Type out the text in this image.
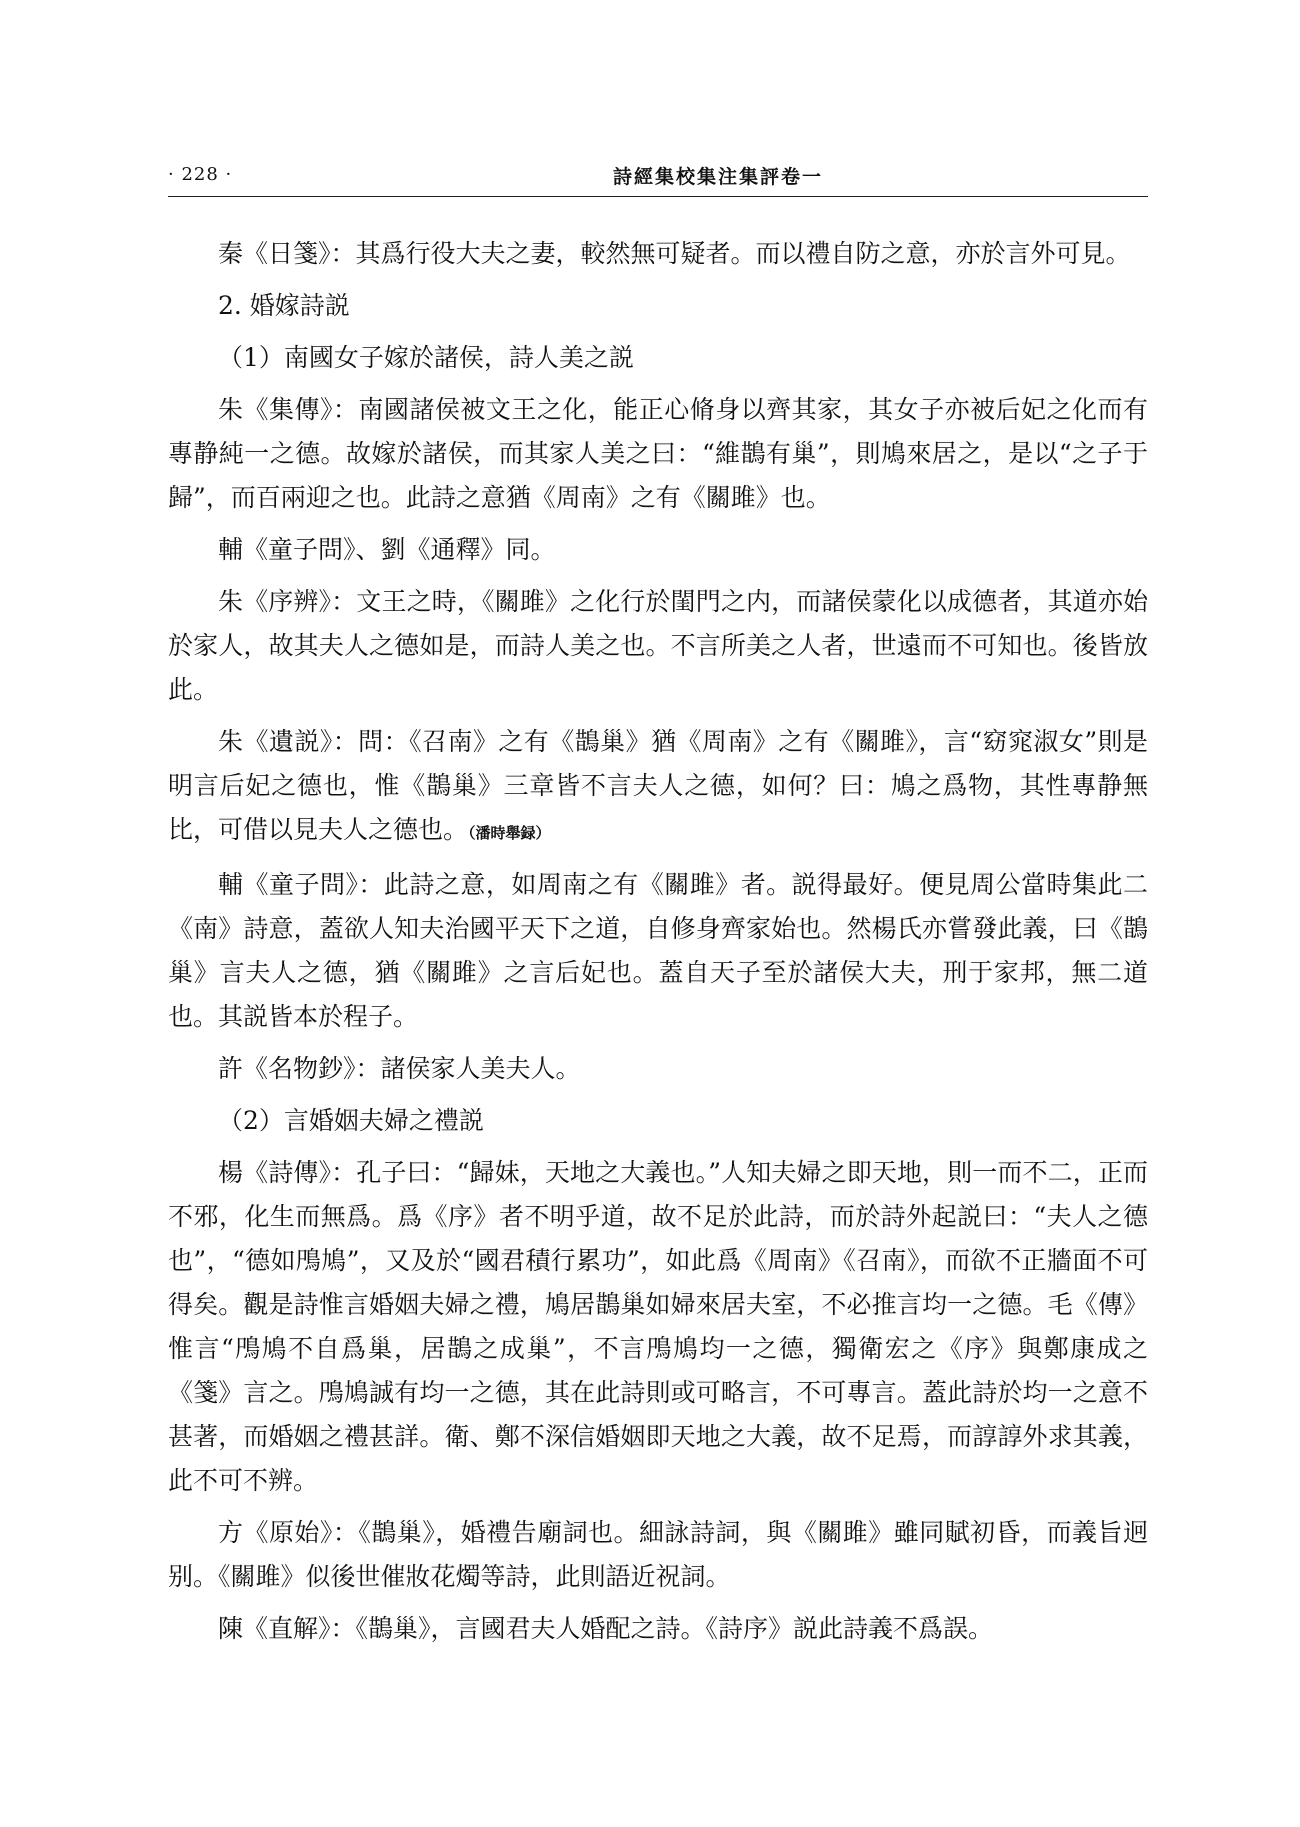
· 228 ·	詩經集校集注集評卷一

秦《日箋》：其爲行役大夫之妻，較然無可疑者。而以禮自防之意，亦於言外可見。

2. 婚嫁詩説

（1）南國女子嫁於諸侯，詩人美之説

朱《集傳》：南國諸侯被文王之化，能正心脩身以齊其家，其女子亦被后妃之化而有專静純一之德。故嫁於諸侯，而其家人美之曰：“維鵲有巢”，則鳩來居之，是以“之子于歸”，而百兩迎之也。此詩之意猶《周南》之有《關雎》也。

輔《童子問》、劉《通釋》同。

朱《序辨》：文王之時，《關雎》之化行於閨門之内，而諸侯蒙化以成德者，其道亦始於家人，故其夫人之德如是，而詩人美之也。不言所美之人者，世遠而不可知也。後皆放此。

朱《遺説》：問：《召南》之有《鵲巢》猶《周南》之有《關雎》，言“窈窕淑女”則是明言后妃之德也，惟《鵲巢》三章皆不言夫人之德，如何？曰：鳩之爲物，其性專静無比，可借以見夫人之德也。（潘時舉録）

輔《童子問》：此詩之意，如周南之有《關雎》者。説得最好。便見周公當時集此二《南》詩意，蓋欲人知夫治國平天下之道，自修身齊家始也。然楊氏亦嘗發此義，曰《鵲巢》言夫人之德，猶《關雎》之言后妃也。蓋自天子至於諸侯大夫，刑于家邦，無二道也。其説皆本於程子。

許《名物鈔》：諸侯家人美夫人。

（2）言婚姻夫婦之禮説

楊《詩傳》：孔子曰：“歸妹，天地之大義也。”人知夫婦之即天地，則一而不二，正而不邪，化生而無爲。爲《序》者不明乎道，故不足於此詩，而於詩外起説曰：“夫人之德也”，“德如鳲鳩”，又及於“國君積行累功”，如此爲《周南》《召南》，而欲不正牆面不可得矣。觀是詩惟言婚姻夫婦之禮，鳩居鵲巢如婦來居夫室，不必推言均一之德。毛《傳》惟言“鳲鳩不自爲巢，居鵲之成巢”，不言鳲鳩均一之德，獨衛宏之《序》與鄭康成之《箋》言之。鳲鳩誠有均一之德，其在此詩則或可略言，不可專言。蓋此詩於均一之意不甚著，而婚姻之禮甚詳。衛、鄭不深信婚姻即天地之大義，故不足焉，而諄諄外求其義，此不可不辨。

方《原始》：《鵲巢》，婚禮告廟詞也。細詠詩詞，與《關雎》雖同賦初昏，而義旨迥别。《關雎》似後世催妝花燭等詩，此則語近祝詞。

陳《直解》：《鵲巢》，言國君夫人婚配之詩。《詩序》説此詩義不爲誤。
